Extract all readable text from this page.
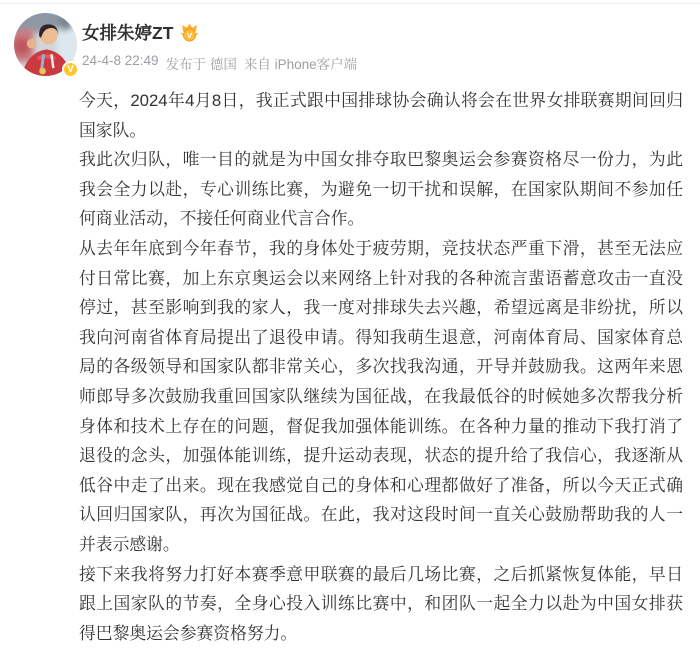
V
女排朱婷ZT V
24-4-8 22:49 发布于 德国 来自 iPhone客户端

今天，2024年4月8日，我正式跟中国排球协会确认将会在世界女排联赛期间回归国家队。

我此次归队，唯一目的就是为中国女排夺取巴黎奥运会参赛资格尽一份力，为此我会全力以赴，专心训练比赛，为避免一切干扰和误解，在国家队期间不参加任何商业活动，不接任何商业代言合作。

从去年年底到今年春节，我的身体处于疲劳期，竞技状态严重下滑，甚至无法应付日常比赛，加上东京奥运会以来网络上针对我的各种流言蜚语蓄意攻击一直没停过，甚至影响到我的家人，我一度对排球失去兴趣，希望远离是非纷扰，所以我向河南省体育局提出了退役申请。得知我萌生退意，河南体育局、国家体育总局的各级领导和国家队都非常关心，多次找我沟通，开导并鼓励我。这两年来恩师郎导多次鼓励我重回国家队继续为国征战，在我最低谷的时候她多次帮我分析身体和技术上存在的问题，督促我加强体能训练。在各种力量的推动下我打消了退役的念头，加强体能训练，提升运动表现，状态的提升给了我信心，我逐渐从低谷中走了出来。现在我感觉自己的身体和心理都做好了准备，所以今天正式确认回归国家队，再次为国征战。在此，我对这段时间一直关心鼓励帮助我的人一并表示感谢。

接下来我将努力打好本赛季意甲联赛的最后几场比赛，之后抓紧恢复体能，早日跟上国家队的节奏，全身心投入训练比赛中，和团队一起全力以赴为中国女排获得巴黎奥运会参赛资格努力。
